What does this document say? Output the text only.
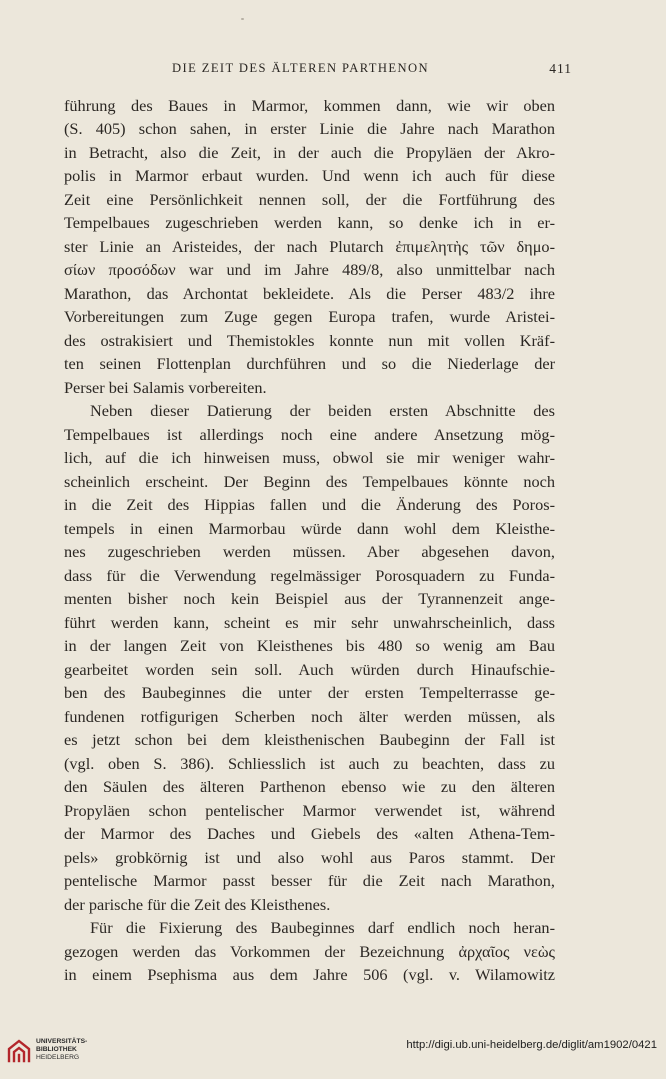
DIE ZEIT DES ÄLTEREN PARTHENON	411
führung des Baues in Marmor, kommen dann, wie wir oben
(S. 405) schon sahen, in erster Linie die Jahre nach Marathon
in Betracht, also die Zeit, in der auch die Propyläen der Akro-
polis in Marmor erbaut wurden. Und wenn ich auch für diese
Zeit eine Persönlichkeit nennen soll, der die Fortführung des
Tempelbaues zugeschrieben werden kann, so denke ich in er-
ster Linie an Aristeides, der nach Plutarch ἐπιμελητὴς τῶν δημο-
σίων προσόδων war und im Jahre 489/8, also unmittelbar nach
Marathon, das Archontat bekleidete. Als die Perser 483/2 ihre
Vorbereitungen zum Zuge gegen Europa trafen, wurde Aristei-
des ostrakisiert und Themistokles konnte nun mit vollen Kräf-
ten seinen Flottenplan durchführen und so die Niederlage der
Perser bei Salamis vorbereiten.
Neben dieser Datierung der beiden ersten Abschnitte des
Tempelbaues ist allerdings noch eine andere Ansetzung mög-
lich, auf die ich hinweisen muss, obwol sie mir weniger wahr-
scheinlich erscheint. Der Beginn des Tempelbaues könnte noch
in die Zeit des Hippias fallen und die Änderung des Poros-
tempels in einen Marmorbau würde dann wohl dem Kleisthe-
nes zugeschrieben werden müssen. Aber abgesehen davon,
dass für die Verwendung regelmässiger Porosquadern zu Funda-
menten bisher noch kein Beispiel aus der Tyrannenzeit ange-
führt werden kann, scheint es mir sehr unwahrscheinlich, dass
in der langen Zeit von Kleisthenes bis 480 so wenig am Bau
gearbeitet worden sein soll. Auch würden durch Hinaufschie-
ben des Baubeginnes die unter der ersten Tempelterrasse ge-
fundenen rotfigurigen Scherben noch älter werden müssen, als
es jetzt schon bei dem kleisthenischen Baubeginn der Fall ist
(vgl. oben S. 386). Schliesslich ist auch zu beachten, dass zu
den Säulen des älteren Parthenon ebenso wie zu den älteren
Propyläen schon pentelischer Marmor verwendet ist, während
der Marmor des Daches und Giebels des «alten Athena-Tem-
pels» grobkörnig ist und also wohl aus Paros stammt. Der
pentelische Marmor passt besser für die Zeit nach Marathon,
der parische für die Zeit des Kleisthenes.
Für die Fixierung des Baubeginnes darf endlich noch heran-
gezogen werden das Vorkommen der Bezeichnung ἀρχαῖος νεὼς
in einem Psephisma aus dem Jahre 506 (vgl. v. Wilamowitz
UNIVERSITÄTS-
BIBLIOTHEK
HEIDELBERG
http://digi.ub.uni-heidelberg.de/diglit/am1902/0421
